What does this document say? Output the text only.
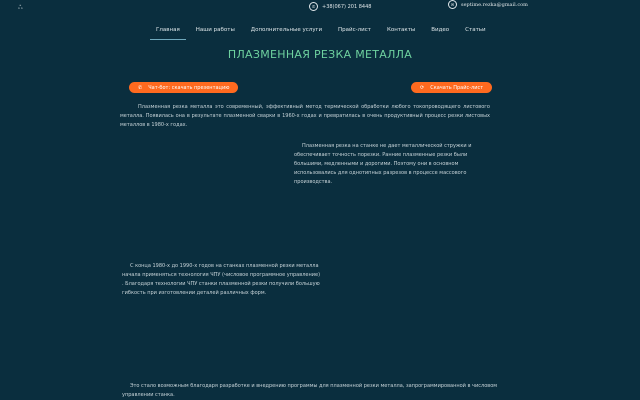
ஃ	✆	+38(067) 201 8448	✉	septime.rezka@gmail.com
Главная	Наши работы	Дополнительные услуги	Прайс-лист	Контакты	Видео	Статьи
ПЛАЗМЕННАЯ РЕЗКА МЕТАЛЛА
✆ Чат-бот: скачать презентацию	⟳ Скачать Прайс-лист

Плазменная резка металла это современный, эффективный метод термической обработки любого токопроводящего листового металла. Появилась она в результате плазменной сварки в 1960-х годах и превратилась в очень продуктивный процесс резки листовых металлов в 1980-х годах.

Плазменная резка на станке не дает металлической стружки и обеспечивает точность порезки. Ранние плазменные резки были большими, медленными и дорогими. Поэтому они в основном использовались для однотипных разрезов в процессе массового производства.

С конца 1980-х до 1990-х годов на станках плазменной резки металла начала применяться технология ЧПУ (числовое программное управление) . Благодаря технологии ЧПУ станки плазменной резки получили большую гибкость при изготовлении деталей различных форм.

Это стало возможным благодаря разработке и внедрению программы для плазменной резки металла, запрограммированной в числовом управлении станка.
